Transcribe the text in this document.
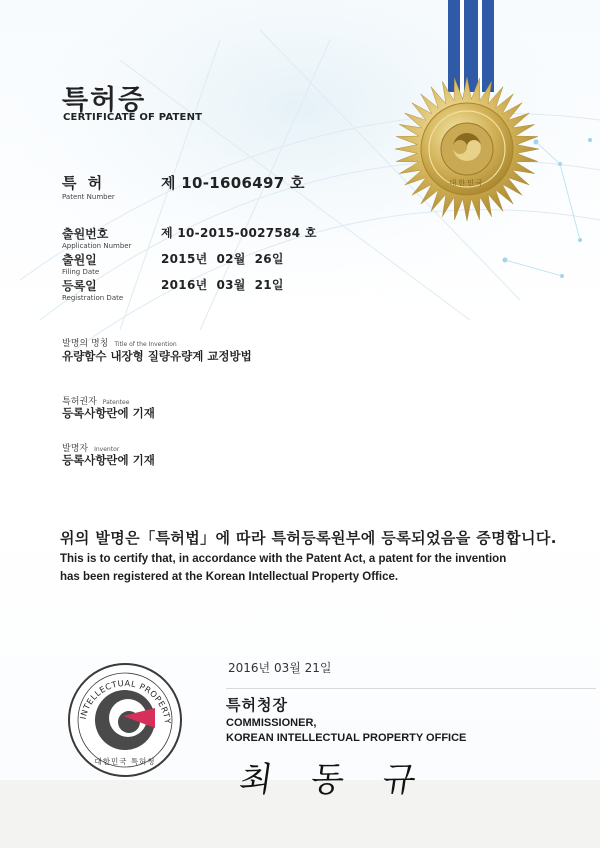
대한민국
특허증
CERTIFICATE OF PATENT
특 허
Patent Number
제 10-1606497 호
출원번호
Application Number
제 10-2015-0027584 호
출원일
Filing Date
2015년  02월  26일
등록일
Registration Date
2016년  03월  21일
발명의 명칭 Title of the Invention
유량함수 내장형 질량유량계 교정방법
특허권자 Patentee
등록사항란에 기재
발명자 Inventor
등록사항란에 기재
위의 발명은「특허법」에 따라 특허등록원부에 등록되었음을 증명합니다.
This is to certify that, in accordance with the Patent Act, a patent for the invention
has been registered at the Korean Intellectual Property Office.
2016년 03월 21일
특허청장
COMMISSIONER,
KOREAN INTELLECTUAL PROPERTY OFFICE
최 동 규
INTELLECTUAL PROPERTY
대한민국 특허청
